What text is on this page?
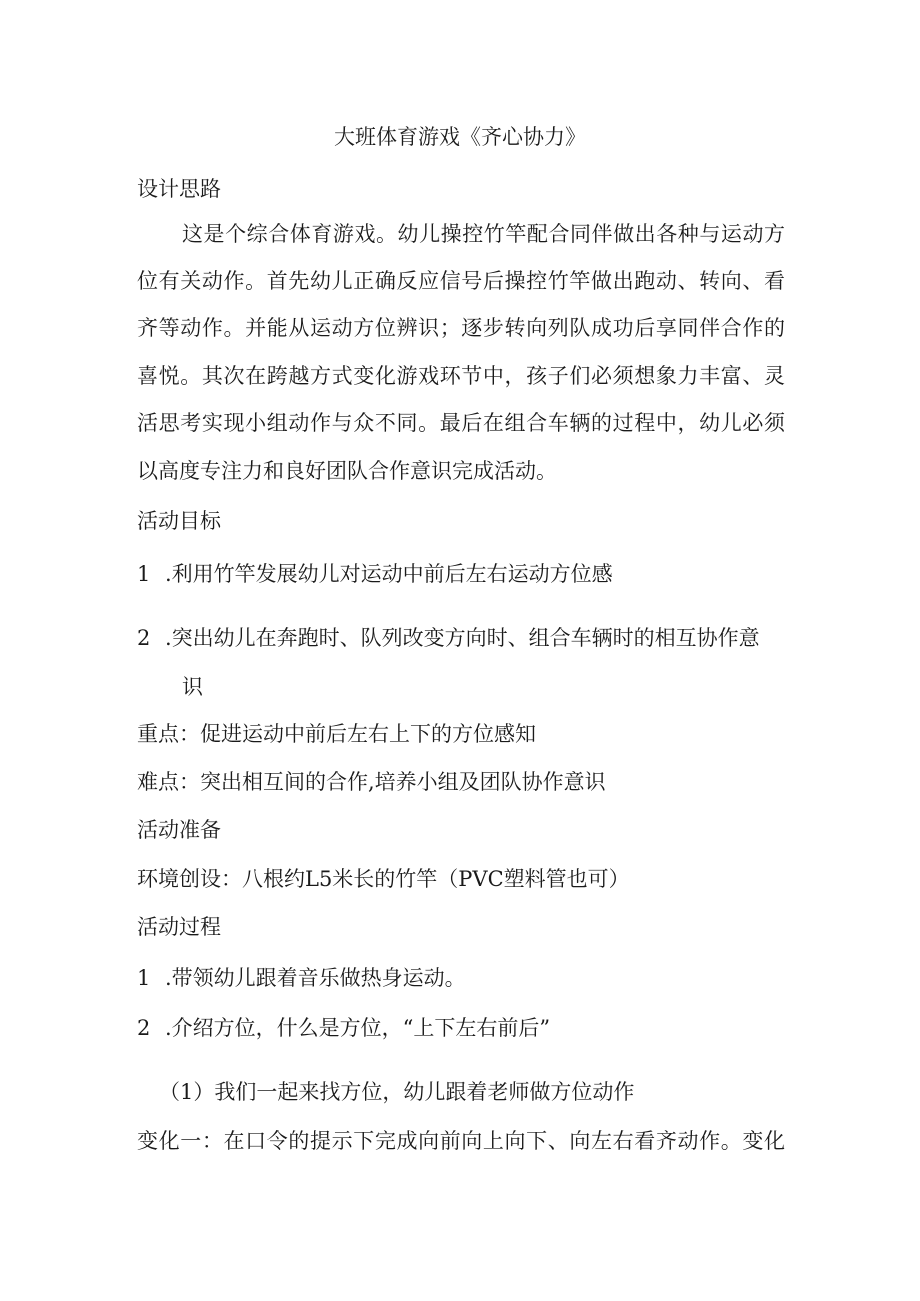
大班体育游戏《齐心协力》
设计思路
这是个综合体育游戏。幼儿操控竹竿配合同伴做出各种与运动方
位有关动作。首先幼儿正确反应信号后操控竹竿做出跑动、转向、看
齐等动作。并能从运动方位辨识；逐步转向列队成功后享同伴合作的
喜悦。其次在跨越方式变化游戏环节中，孩子们必须想象力丰富、灵
活思考实现小组动作与众不同。最后在组合车辆的过程中，幼儿必须
以高度专注力和良好团队合作意识完成活动。
活动目标
1 .利用竹竿发展幼儿对运动中前后左右运动方位感
2 .突出幼儿在奔跑时、队列改变方向时、组合车辆时的相互协作意
识
重点：促进运动中前后左右上下的方位感知
难点：突出相互间的合作,培养小组及团队协作意识
活动准备
环境创设：八根约L5米长的竹竿（PVC塑料管也可）
活动过程
1 .带领幼儿跟着音乐做热身运动。
2 .介绍方位，什么是方位，“上下左右前后”
（1）我们一起来找方位，幼儿跟着老师做方位动作
变化一：在口令的提示下完成向前向上向下、向左右看齐动作。变化
